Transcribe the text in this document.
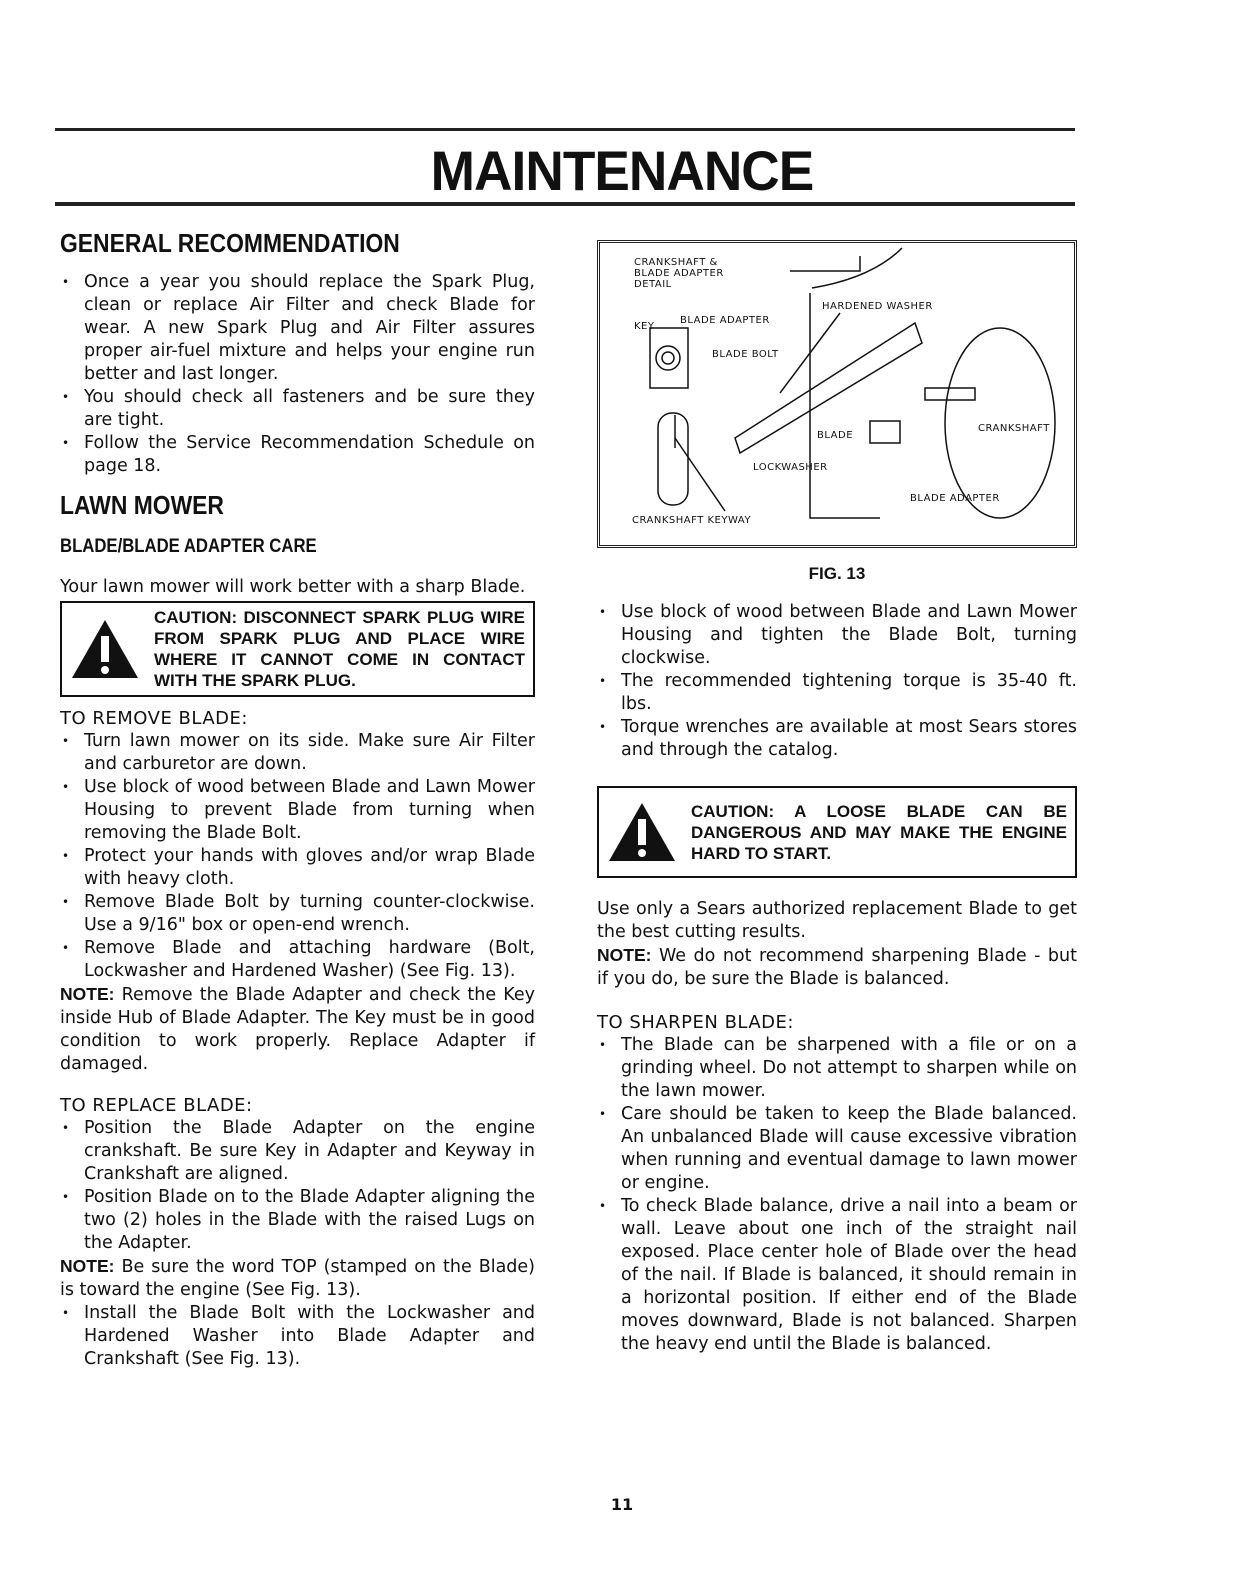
MAINTENANCE
GENERAL RECOMMENDATION
• Once a year you should replace the Spark Plug, clean or replace Air Filter and check Blade for wear. A new Spark Plug and Air Filter assures proper air-fuel mixture and helps your engine run better and last longer.
• You should check all fasteners and be sure they are tight.
• Follow the Service Recommendation Schedule on page 18.
LAWN MOWER
BLADE/BLADE ADAPTER CARE

Your lawn mower will work better with a sharp Blade.

CAUTION: DISCONNECT SPARK PLUG WIRE FROM SPARK PLUG AND PLACE WIRE WHERE IT CANNOT COME IN CONTACT WITH THE SPARK PLUG.

TO REMOVE BLADE:

• Turn lawn mower on its side. Make sure Air Filter and carburetor are down.
• Use block of wood between Blade and Lawn Mower Housing to prevent Blade from turning when removing the Blade Bolt.
• Protect your hands with gloves and/or wrap Blade with heavy cloth.
• Remove Blade Bolt by turning counter-clockwise. Use a 9/16" box or open-end wrench.
• Remove Blade and attaching hardware (Bolt, Lockwasher and Hardened Washer) (See Fig. 13).

NOTE: Remove the Blade Adapter and check the Key inside Hub of Blade Adapter. The Key must be in good condition to work properly. Replace Adapter if damaged.

TO REPLACE BLADE:

• Position the Blade Adapter on the engine crankshaft. Be sure Key in Adapter and Keyway in Crankshaft are aligned.
• Position Blade on to the Blade Adapter aligning the two (2) holes in the Blade with the raised Lugs on the Adapter.

NOTE: Be sure the word TOP (stamped on the Blade) is toward the engine (See Fig. 13).

• Install the Blade Bolt with the Lockwasher and Hardened Washer into Blade Adapter and Crankshaft (See Fig. 13).
CRANKSHAFT &
BLADE ADAPTER
DETAIL
KEY
BLADE ADAPTER
BLADE BOLT
HARDENED WASHER
BLADE
LOCKWASHER
CRANKSHAFT
BLADE ADAPTER
CRANKSHAFT KEYWAY
FIG. 13
• Use block of wood between Blade and Lawn Mower Housing and tighten the Blade Bolt, turning clockwise.
• The recommended tightening torque is 35-40 ft. lbs.
• Torque wrenches are available at most Sears stores and through the catalog.
CAUTION: A LOOSE BLADE CAN BE DANGEROUS AND MAY MAKE THE ENGINE HARD TO START.

Use only a Sears authorized replacement Blade to get the best cutting results.

NOTE: We do not recommend sharpening Blade - but if you do, be sure the Blade is balanced.

TO SHARPEN BLADE:

• The Blade can be sharpened with a file or on a grinding wheel. Do not attempt to sharpen while on the lawn mower.
• Care should be taken to keep the Blade balanced. An unbalanced Blade will cause excessive vibration when running and eventual damage to lawn mower or engine.
• To check Blade balance, drive a nail into a beam or wall. Leave about one inch of the straight nail exposed. Place center hole of Blade over the head of the nail. If Blade is balanced, it should remain in a horizontal position. If either end of the Blade moves downward, Blade is not balanced. Sharpen the heavy end until the Blade is balanced.
11
